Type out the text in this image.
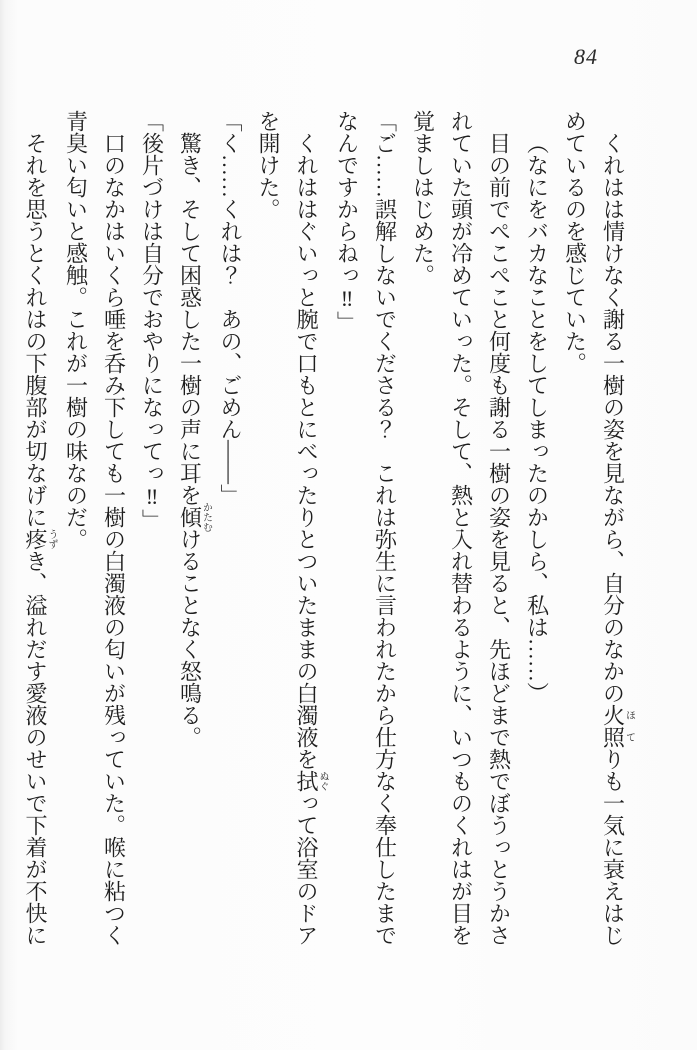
84

くれはは情けなく謝る一樹の姿を見ながら、自分のなかの火ほ照てりも一気に衰えはじめているのを感じていた。

（なにをバカなことをしてしまったのかしら、私は……）

目の前でぺこぺこと何度も謝る一樹の姿を見ると、先ほどまで熱でぼうっとうかされていた頭が冷めていった。そして、熱と入れ替わるように、いつものくれはが目を覚ましはじめた。

「ご……誤解しないでくださる？　これは弥生に言われたから仕方なく奉仕したまでなんですからねっ‼」

くれははぐいっと腕で口もとにべったりとついたままの白濁液を拭ぬぐって浴室のドアを開けた。

「く……くれは？　あの、ごめん――」

驚き、そして困惑した一樹の声に耳を傾かたむけることなく怒鳴る。

「後片づけは自分でおやりになってっ‼」

口のなかはいくら唾を呑み下しても一樹の白濁液の匂いが残っていた。喉に粘つく青臭い匂いと感触。これが一樹の味なのだ。

それを思うとくれはの下腹部が切なげに疼うずき、溢れだす愛液のせいで下着が不快に
